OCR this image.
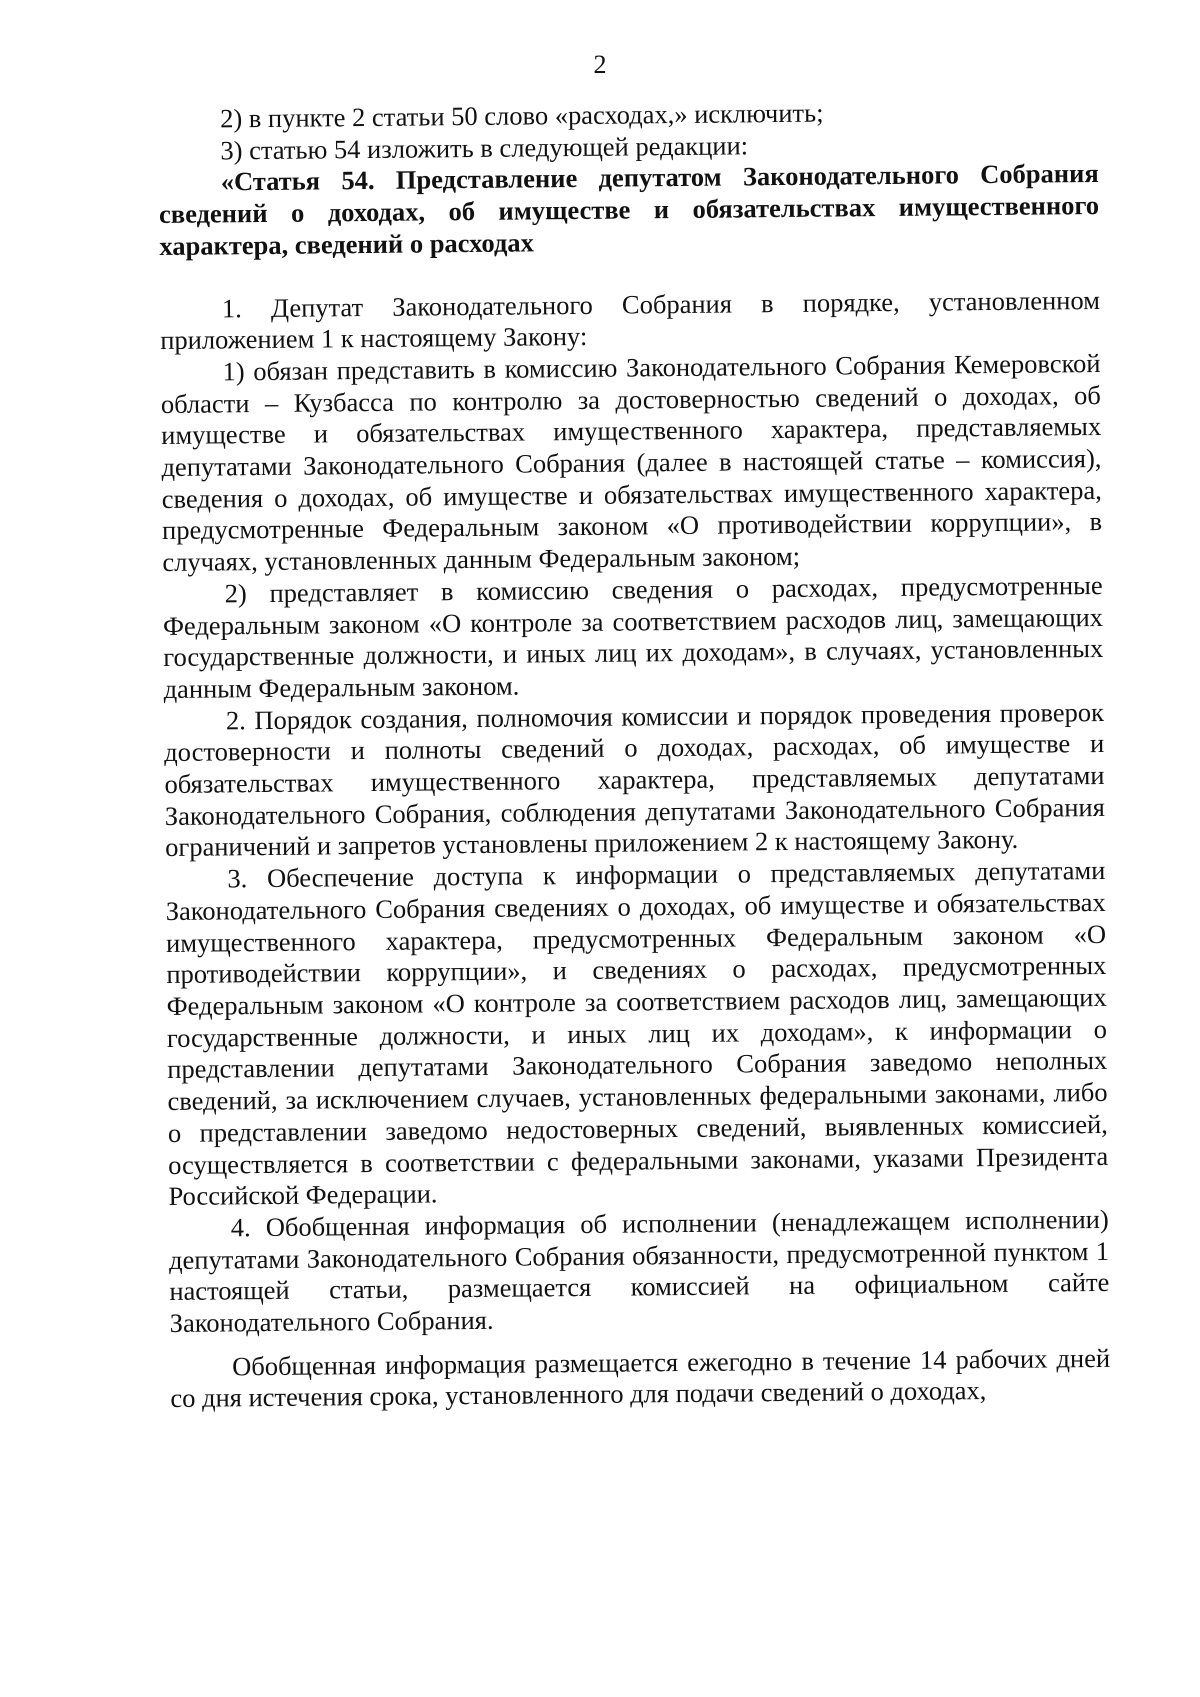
2

2) в пункте 2 статьи 50 слово «расходах,» исключить;

3) статью 54 изложить в следующей редакции:

«Статья 54. Представление депутатом Законодательного Собрания сведений о доходах, об имуществе и обязательствах имущественного характера, сведений о расходах

1. Депутат Законодательного Собрания в порядке, установленном приложением 1 к настоящему Закону:

1) обязан представить в комиссию Законодательного Собрания Кемеровской области – Кузбасса по контролю за достоверностью сведений о доходах, об имуществе и обязательствах имущественного характера, представляемых депутатами Законодательного Собрания (далее в настоящей статье – комиссия), сведения о доходах, об имуществе и обязательствах имущественного характера, предусмотренные Федеральным законом «О противодействии коррупции», в случаях, установленных данным Федеральным законом;

2) представляет в комиссию сведения о расходах, предусмотренные Федеральным законом «О контроле за соответствием расходов лиц, замещающих государственные должности, и иных лиц их доходам», в случаях, установленных данным Федеральным законом.

2. Порядок создания, полномочия комиссии и порядок проведения проверок достоверности и полноты сведений о доходах, расходах, об имуществе и обязательствах имущественного характера, представляемых депутатами Законодательного Собрания, соблюдения депутатами Законодательного Собрания ограничений и запретов установлены приложением 2 к настоящему Закону.

3. Обеспечение доступа к информации о представляемых депутатами Законодательного Собрания сведениях о доходах, об имуществе и обязательствах имущественного характера, предусмотренных Федеральным законом «О противодействии коррупции», и сведениях о расходах, предусмотренных Федеральным законом «О контроле за соответствием расходов лиц, замещающих государственные должности, и иных лиц их доходам», к информации о представлении депутатами Законодательного Собрания заведомо неполных сведений, за исключением случаев, установленных федеральными законами, либо о представлении заведомо недостоверных сведений, выявленных комиссией, осуществляется в соответствии с федеральными законами, указами Президента Российской Федерации.

4. Обобщенная информация об исполнении (ненадлежащем исполнении) депутатами Законодательного Собрания обязанности, предусмотренной пунктом 1 настоящей статьи, размещается комиссией на официальном сайте Законодательного Собрания.

Обобщенная информация размещается ежегодно в течение 14 рабочих дней со дня истечения срока, установленного для подачи сведений о доходах,
